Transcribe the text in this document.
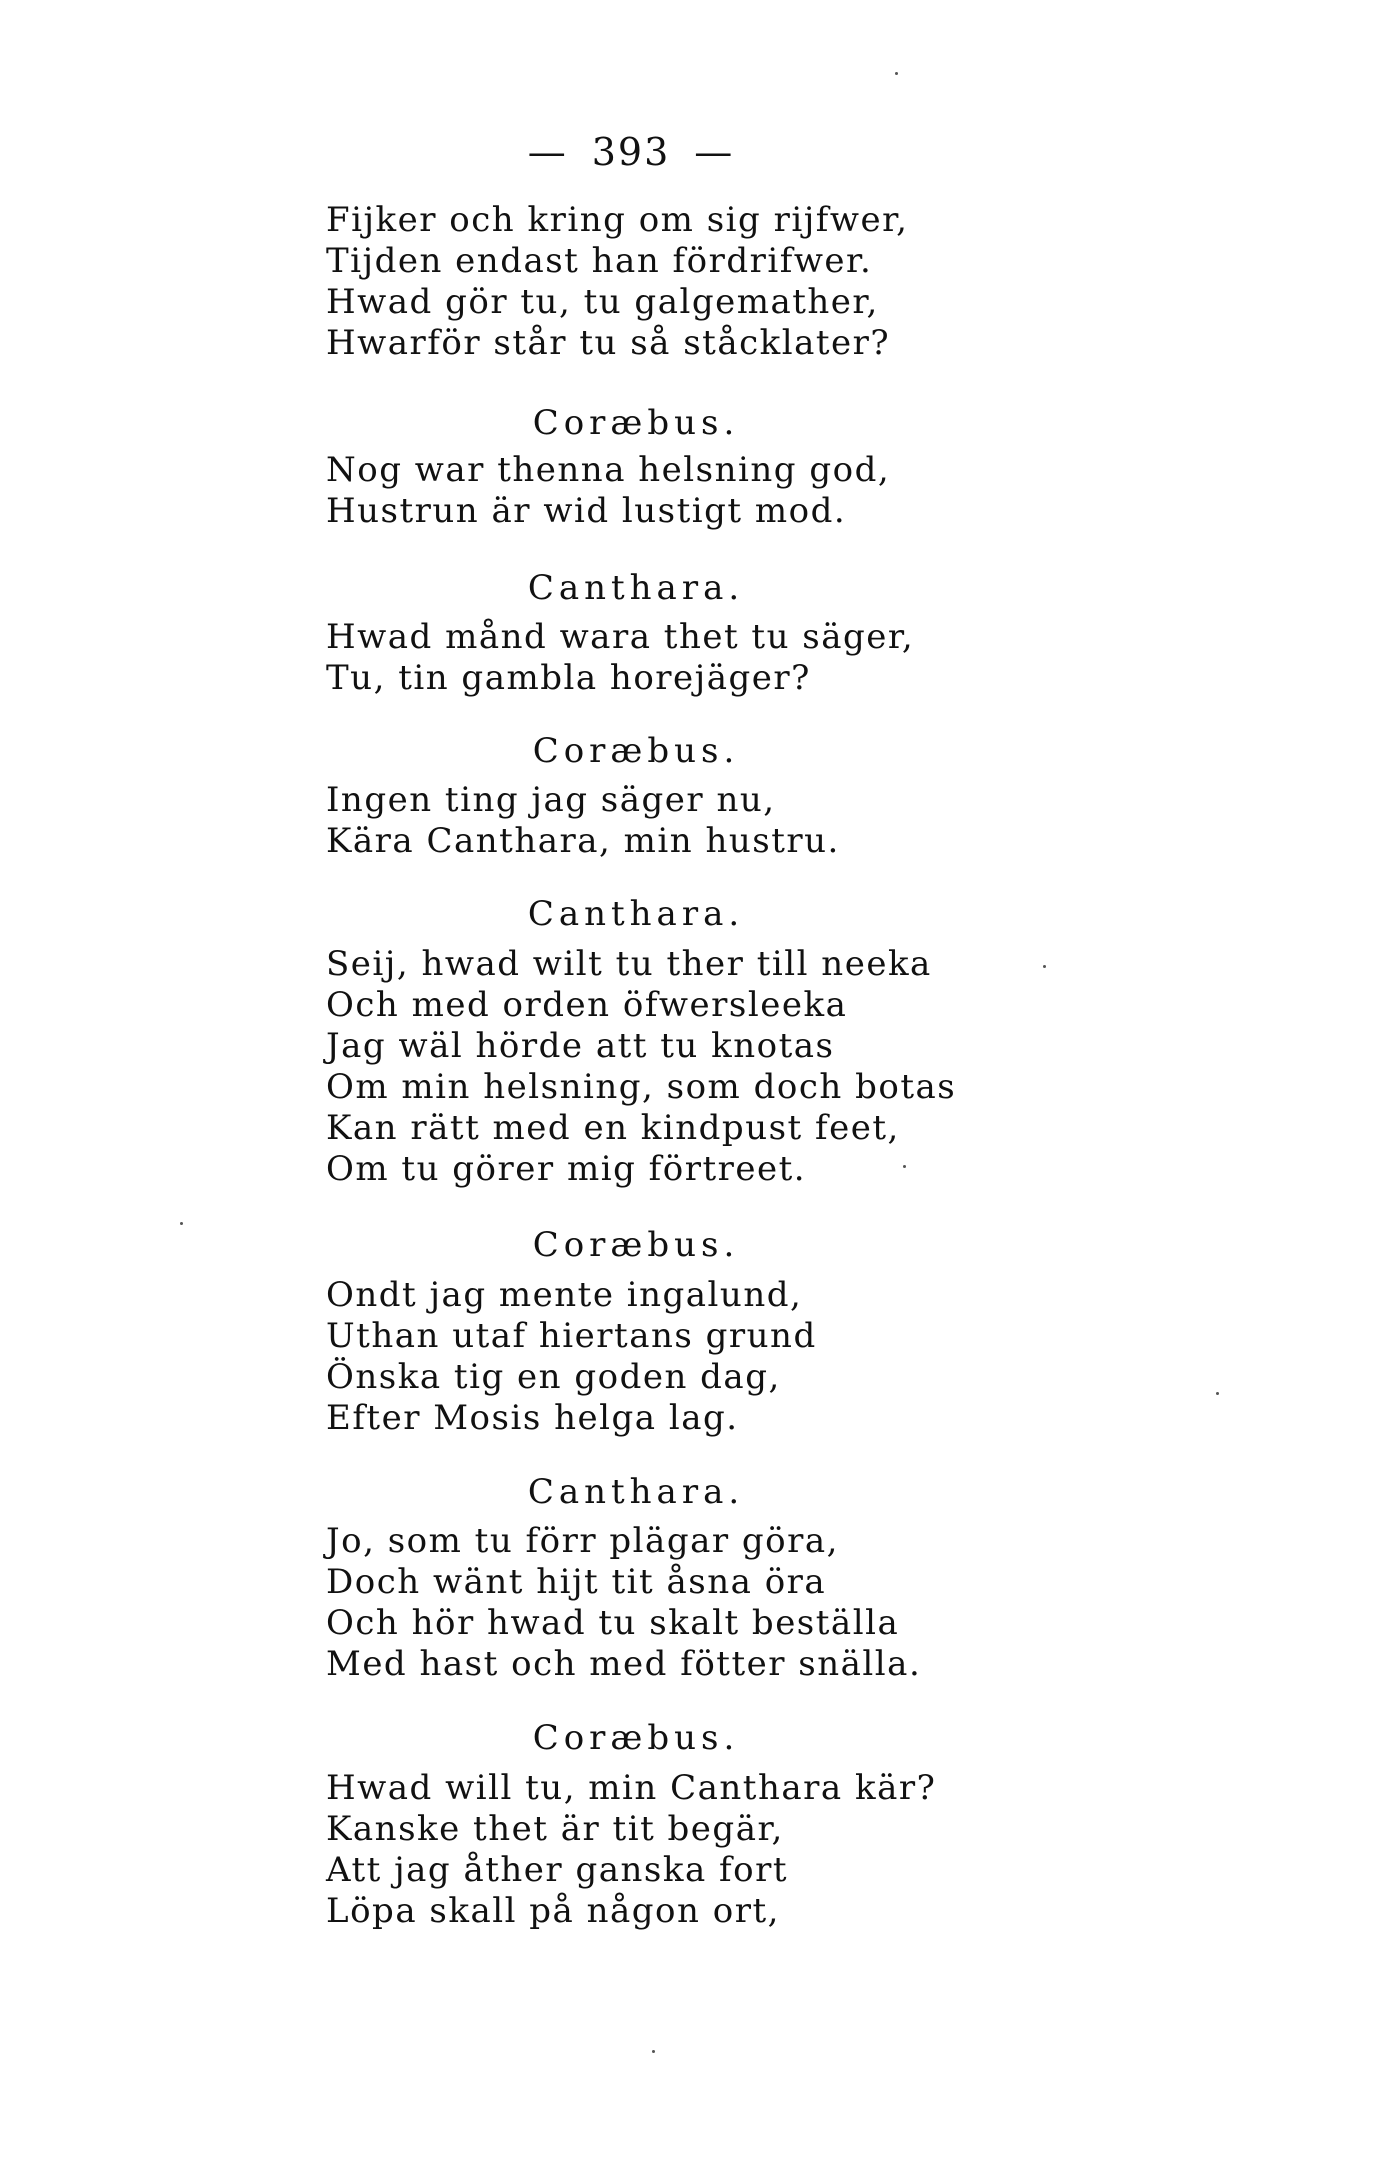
— 393 —
Fijker och kring om sig rijfwer,
Tijden endast han fördrifwer.
Hwad gör tu, tu galgemather,
Hwarför står tu så ståcklater?
Coræbus.
Nog war thenna helsning god,
Hustrun är wid lustigt mod.
Canthara.
Hwad månd wara thet tu säger,
Tu, tin gambla horejäger?
Coræbus.
Ingen ting jag säger nu,
Kära Canthara, min hustru.
Canthara.
Seij, hwad wilt tu ther till neeka
Och med orden öfwersleeka
Jag wäl hörde att tu knotas
Om min helsning, som doch botas
Kan rätt med en kindpust feet,
Om tu görer mig förtreet.
Coræbus.
Ondt jag mente ingalund,
Uthan utaf hiertans grund
Önska tig en goden dag,
Efter Mosis helga lag.
Canthara.
Jo, som tu förr plägar göra,
Doch wänt hijt tit åsna öra
Och hör hwad tu skalt beställa
Med hast och med fötter snälla.
Coræbus.
Hwad will tu, min Canthara kär?
Kanske thet är tit begär,
Att jag åther ganska fort
Löpa skall på någon ort,
